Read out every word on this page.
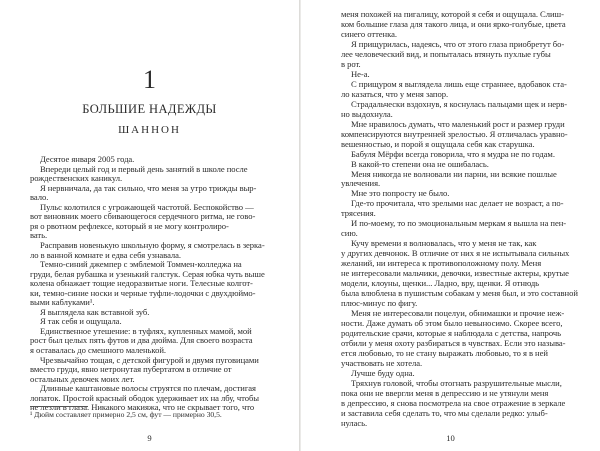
1

БОЛЬШИЕ НАДЕЖДЫ

ШАННОН

Десятое января 2005 года.

Впереди целый год и первый день занятий в школе после

рождественских каникул.

Я нервничала, да так сильно, что меня за утро трижды выр-

вало.

Пульс колотился с угрожающей частотой. Беспокойство —

вот виновник моего сбивающегося сердечного ритма, не гово-

ря о рвотном рефлексе, который я не могу контролиро-

вать.

Расправив новенькую школьную форму, я смотрелась в зерка-

ло в ванной комнате и едва себя узнавала.

Темно-синий джемпер с эмблемой Томмен-колледжа на

груди, белая рубашка и узенький галстук. Серая юбка чуть выше

колена обнажает тощие недоразвитые ноги. Телесные колгот-

ки, темно-синие носки и черные туфли-лодочки с двухдюймо-

выми каблуками¹.

Я выглядела как вставной зуб.

Я так себя и ощущала.

Единственное утешение: в туфлях, купленных мамой, мой

рост был целых пять футов и два дюйма. Для своего возраста

я оставалась до смешного маленькой.

Чрезвычайно тощая, с детской фигурой и двумя пуговицами

вместо груди, явно нетронутая пубертатом в отличие от

остальных девочек моих лет.

Длинные каштановые волосы струятся по плечам, достигая

лопаток. Простой красный ободок удерживает их на лбу, чтобы

не лезли в глаза. Никакого макияжа, что не скрывает того, что

¹ Дюйм составляет примерно 2,5 см, фут — примерно 30,5.

9

меня похожей на пигалицу, которой я себя и ощущала. Слиш-

ком большие глаза для такого лица, и они ярко-голубые, цвета

синего оттенка.

Я прищурилась, надеясь, что от этого глаза приобретут бо-

лее человеческий вид, и попыталась втянуть пухлые губы

в рот.

Не-а.

С прищуром я выглядела лишь еще страннее, вдобавок ста-

ло казаться, что у меня запор.

Страдальчески вздохнув, я коснулась пальцами щек и нерв-

но выдохнула.

Мне нравилось думать, что маленький рост и размер груди

компенсируются внутренней зрелостью. Я отличалась уравно-

вешенностью, и порой я ощущала себя как старушка.

Бабуля Мёрфи всегда говорила, что я мудра не по годам.

В какой-то степени она не ошибалась.

Меня никогда не волновали ни парни, ни всякие пошлые

увлечения.

Мне это попросту не было.

Где-то прочитала, что зрелыми нас делает не возраст, а по-

трясения.

И по-моему, то по эмоциональным меркам я вышла на пен-

сию.

Кучу времени я волновалась, что у меня не так, как

у других девчонок. В отличие от них я не испытывала сильных

желаний, ни интереса к противоположному полу. Меня

не интересовали мальчики, девочки, известные актеры, крутые

модели, клоуны, щенки... Ладно, вру, щенки. Я отнюдь

была влюблена в пушистым собакам у меня был, и это составной

плюс-минус по фигу.

Меня не интересовали поцелуи, обнимашки и прочие неж-

ности. Даже думать об этом было невыносимо. Скорее всего,

родительские срачи, которые я наблюдала с детства, напрочь

отбили у меня охоту разбираться в чувствах. Если это называ-

ется любовью, то не стану выражать любовью, то я в ней

участвовать не хотела.

Лучше буду одна.

Тряхнув головой, чтобы отогнать разрушительные мысли,

пока они не ввергли меня в депрессию и не утянули меня

в депрессию, я снова посмотрела на свое отражение в зеркале

и заставила себя сделать то, что мы сделали редко: улыб-

нулась.

10
